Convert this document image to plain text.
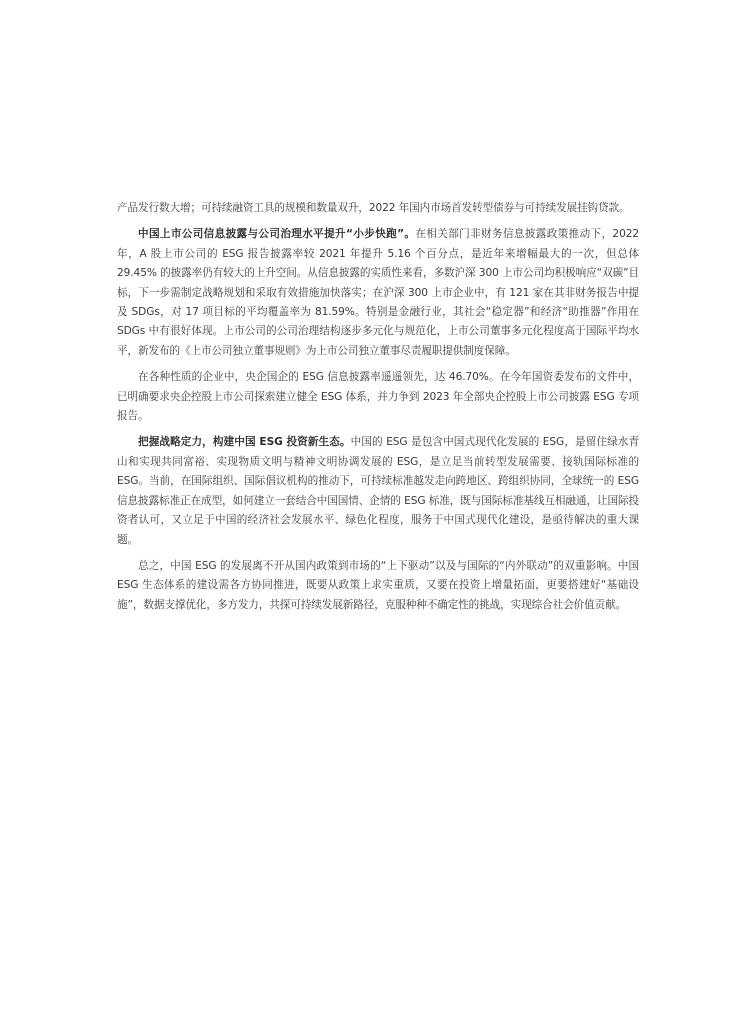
产品发行数大增；可持续融资工具的规模和数量双升，2022 年国内市场首发转型债券与可持续发展挂钩贷款。

中国上市公司信息披露与公司治理水平提升“小步快跑”。在相关部门非财务信息披露政策推动下，2022 年，A 股上市公司的 ESG 报告披露率较 2021 年提升 5.16 个百分点，是近年来增幅最大的一次，但总体 29.45% 的披露率仍有较大的上升空间。从信息披露的实质性来看，多数沪深 300 上市公司均积极响应“双碳”目标，下一步需制定战略规划和采取有效措施加快落实；在沪深 300 上市企业中，有 121 家在其非财务报告中提及 SDGs，对 17 项目标的平均覆盖率为 81.59%。特别是金融行业，其社会“稳定器”和经济“助推器”作用在 SDGs 中有很好体现。上市公司的公司治理结构逐步多元化与规范化，上市公司董事多元化程度高于国际平均水平，新发布的《上市公司独立董事规则》为上市公司独立董事尽责履职提供制度保障。

在各种性质的企业中，央企国企的 ESG 信息披露率遥遥领先，达 46.70%。在今年国资委发布的文件中，已明确要求央企控股上市公司探索建立健全 ESG 体系，并力争到 2023 年全部央企控股上市公司披露 ESG 专项报告。

把握战略定力，构建中国 ESG 投资新生态。中国的 ESG 是包含中国式现代化发展的 ESG，是留住绿水青山和实现共同富裕、实现物质文明与精神文明协调发展的 ESG，是立足当前转型发展需要、接轨国际标准的 ESG。当前，在国际组织、国际倡议机构的推动下，可持续标准越发走向跨地区、跨组织协同，全球统一的 ESG 信息披露标准正在成型，如何建立一套结合中国国情、企情的 ESG 标准，既与国际标准基线互相融通，让国际投资者认可，又立足于中国的经济社会发展水平、绿色化程度，服务于中国式现代化建设，是亟待解决的重大课题。

总之，中国 ESG 的发展离不开从国内政策到市场的“上下驱动”以及与国际的“内外联动”的双重影响。中国 ESG 生态体系的建设需各方协同推进，既要从政策上求实重质，又要在投资上增量拓面，更要搭建好“基础设施”，数据支撑优化，多方发力，共探可持续发展新路径，克服种种不确定性的挑战，实现综合社会价值贡献。
